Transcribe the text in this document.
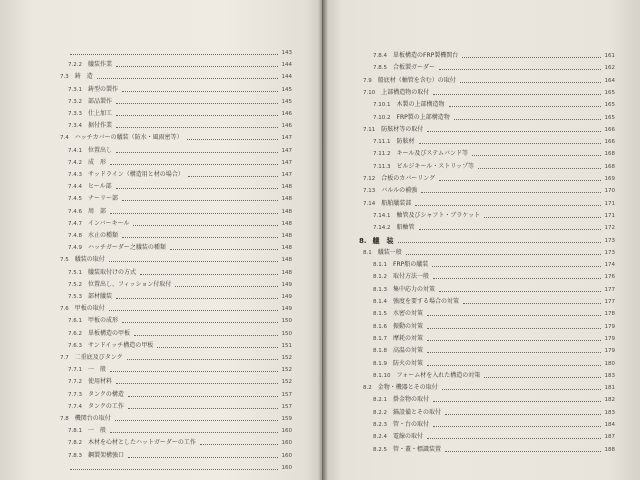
143
7.2.2 艤装作業	144
7.3 鋳　造	144
7.3.1 鋳型の製作	145
7.3.2 部品製作	145
7.3.3 仕上加工	146
7.3.4 据付作業	146
7.4 ハッチカバーの艤装（防水・風雨密等）	147
7.4.1 位置出し	147
7.4.2 成　形	147
7.4.3 サッドライン（構造用と材の場合）	147
7.4.4 ヒール部	148
7.4.5 ナーリー部	148
7.4.6 周　部	148
7.4.7 インバーキール	148
7.4.8 水止の種類	148
7.4.9 ハッチガーダー之艤装の種類	148
7.5 艤装の取付	148
7.5.1 艤装取付けの方式	148
7.5.2 位置出し、フィッション付取付	149
7.5.3 部材艤装	149
7.6 甲板の取付	149
7.6.1 甲板の成形	150
7.6.2 単板構造の甲板	150
7.6.3 サンドイッチ構造の甲板	151
7.7 二重底及びタンク	152
7.7.1 一　般	152
7.7.2 使用材料	152
7.7.3 タンクの構造	157
7.7.4 タンクの工作	157
7.8 機関台の取付	159
7.8.1 一　般	160
7.8.2 木材を心材としたハットガーダーの工作	160
7.8.3 鋼製架構強口	160
160
7.8.4 単板構造のFRP製機関台	161
7.8.5 合板製ガーダー	162
7.9 船底材（軸管を含む）の取付	164
7.10 上部構造物の取付	165
7.10.1 木製の上部構造物	165
7.10.2 FRP製の上部構造物	165
7.11 防舷材等の取付	166
7.11.1 防舷材	166
7.11.2 キール及びステムバンド等	168
7.11.3 ビルジキール・ストリップ等	168
7.12 合板のカバーリング	169
7.13 バルルの補強	170
7.14 船舶艤装部	171
7.14.1 軸管及びシャフト・ブラケット	171
7.14.2 船軸管	172
8. 艤　装	173
8.1 艤装一般	173
8.1.1 FRP船の艤装	174
8.1.2 取付方法一般	176
8.1.3 集中応力の対策	177
8.1.4 強度を要する場合の対策	177
8.1.5 水密の対策	178
8.1.6 振動の対策	179
8.1.7 摩耗の対策	179
8.1.8 高温の対策	179
8.1.9 防火の対策	180
8.1.10 フォーム材を入れた構造の対策	183
8.2 金物・機器とその取付	181
8.2.1 掛金物の取付	182
8.2.2 錨設備とその取付	183
8.2.3 管・台の取付	184
8.2.4 電線の取付	187
8.2.5 管・蓋・標識装置	188
